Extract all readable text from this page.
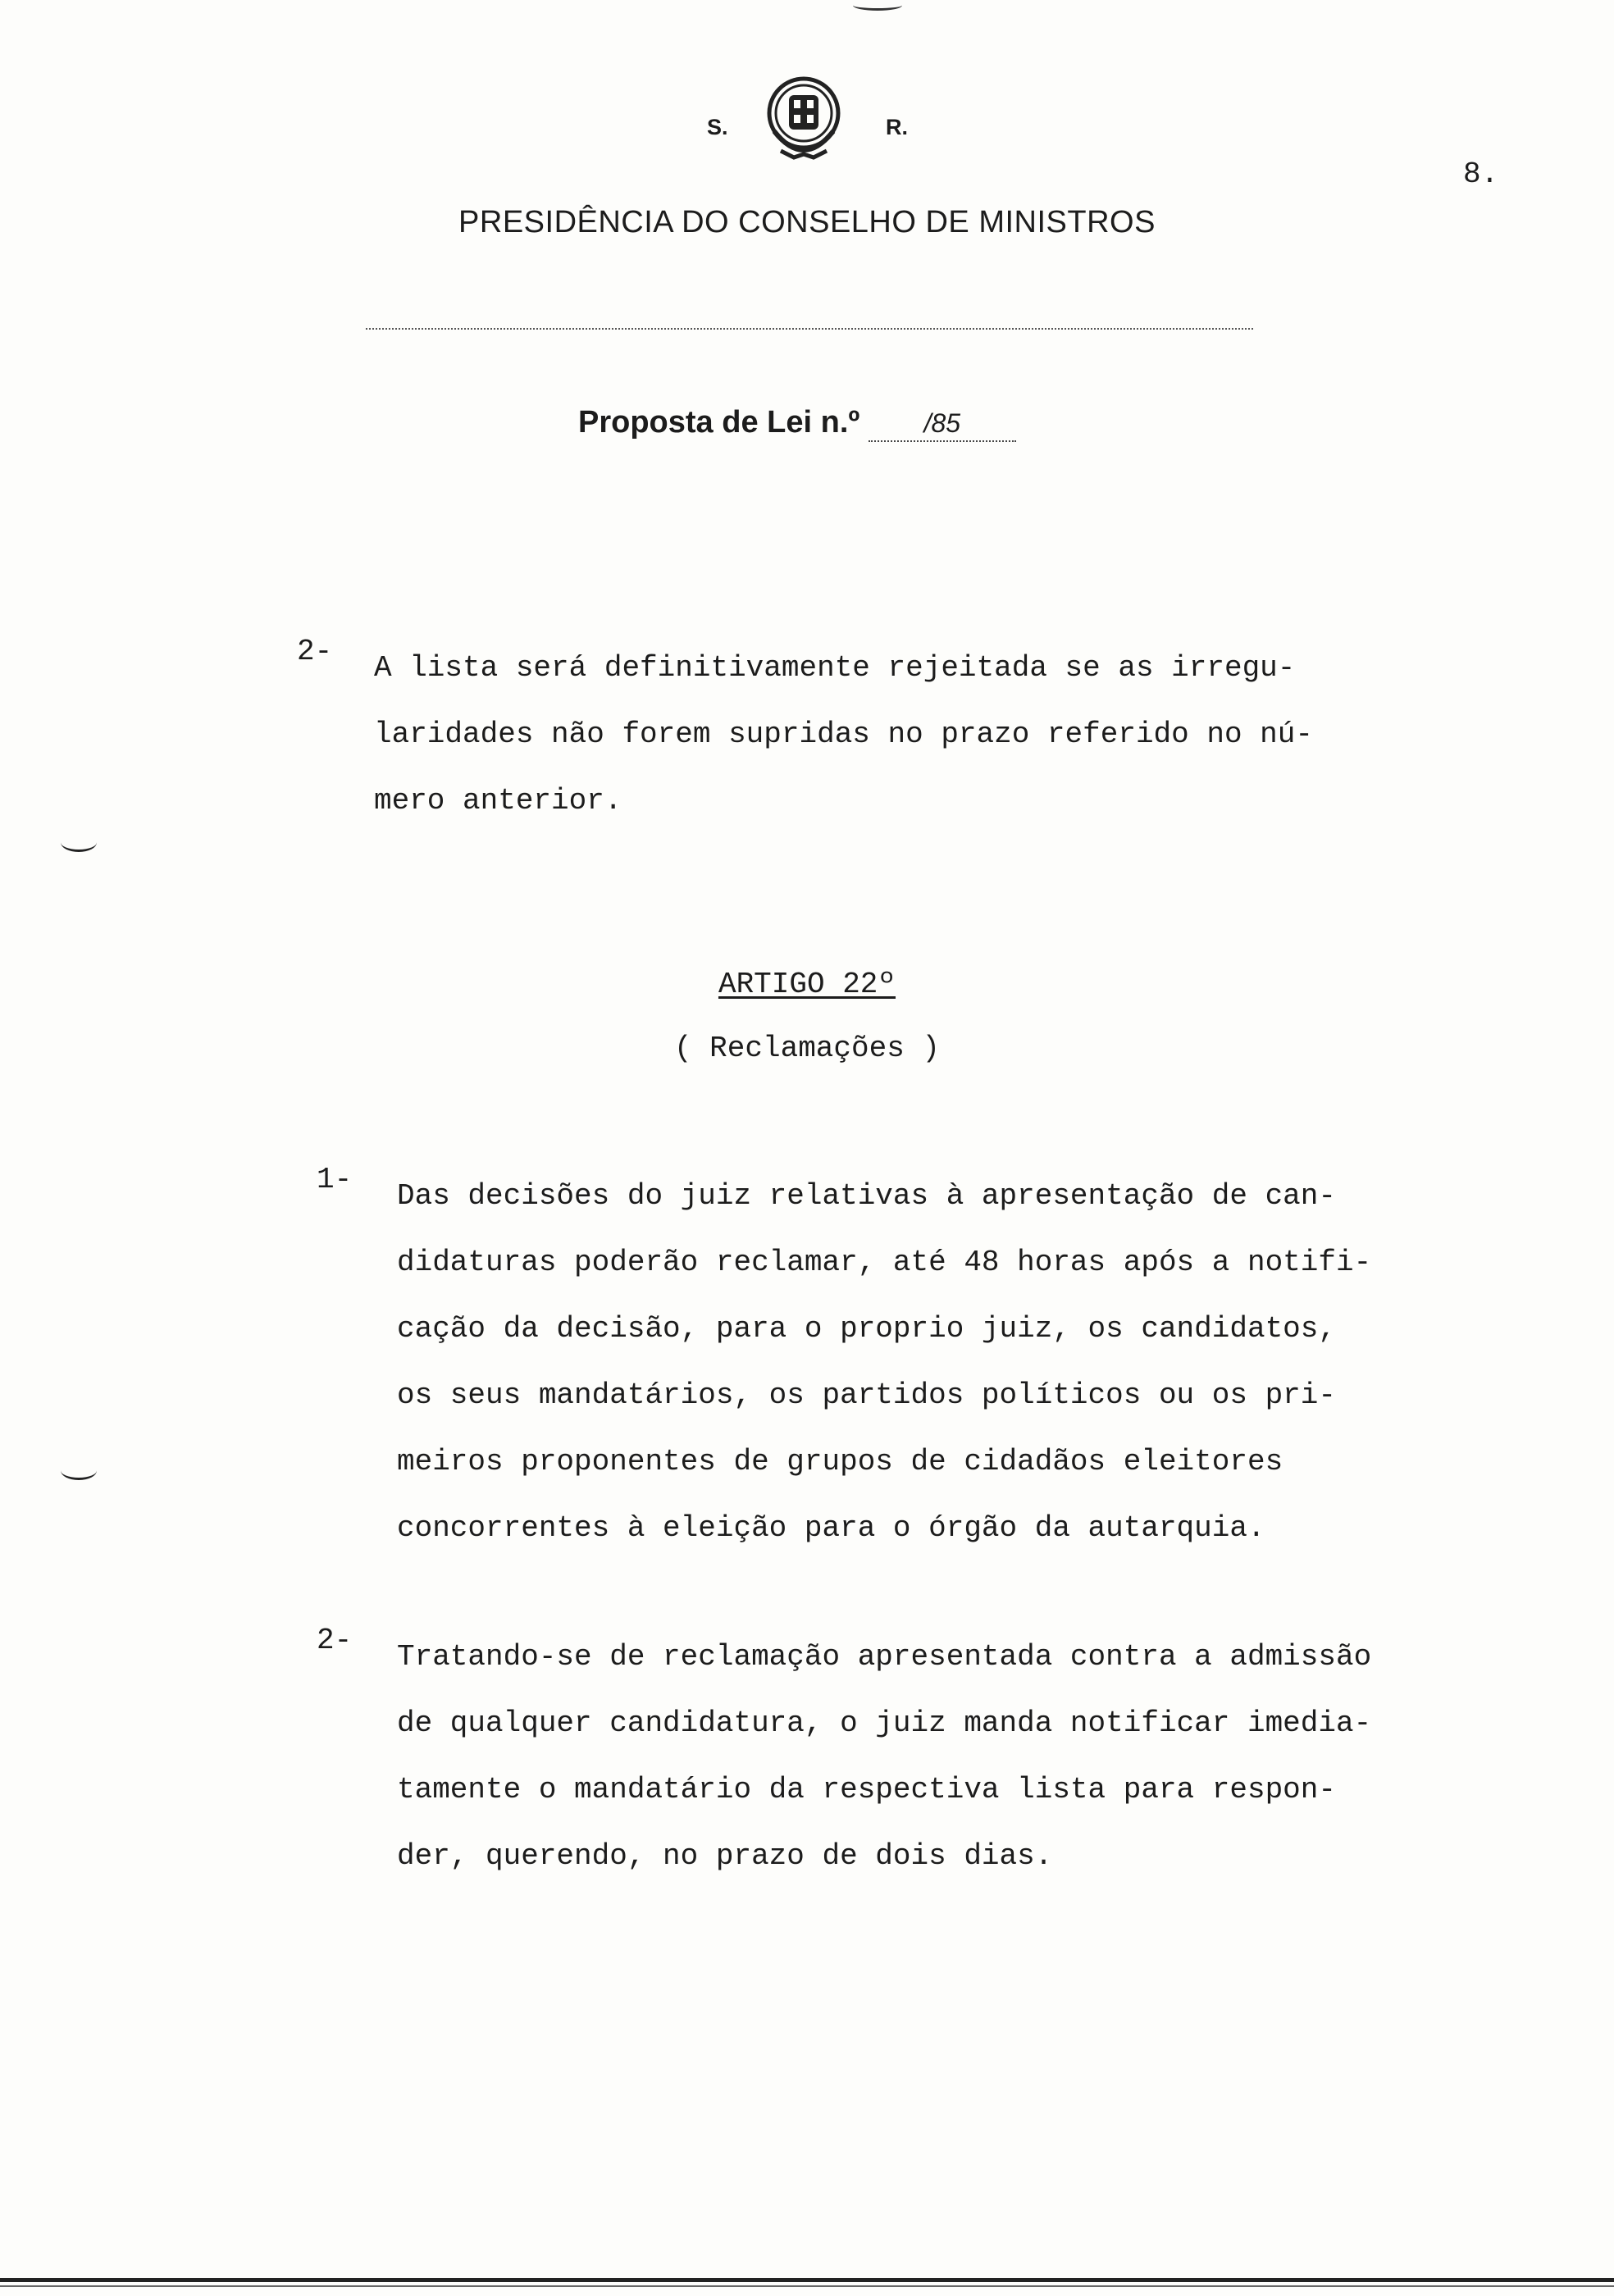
S.	R.
8.
PRESIDÊNCIA DO CONSELHO DE MINISTROS
Proposta de Lei n.º /85
2- A lista será definitivamente rejeitada se as irregu-
laridades não forem supridas no prazo referido no nú-
mero anterior.
ARTIGO 22º
( Reclamações )
1- Das decisões do juiz relativas à apresentação de can-
didaturas poderão reclamar, até 48 horas após a notifi-
cação da decisão, para o proprio juiz, os candidatos,
os seus mandatários, os partidos políticos ou os pri-
meiros proponentes de grupos de cidadãos eleitores
concorrentes à eleição para o órgão da autarquia.
2- Tratando-se de reclamação apresentada contra a admissão
de qualquer candidatura, o juiz manda notificar imedia-
tamente o mandatário da respectiva lista para respon-
der, querendo, no prazo de dois dias.
